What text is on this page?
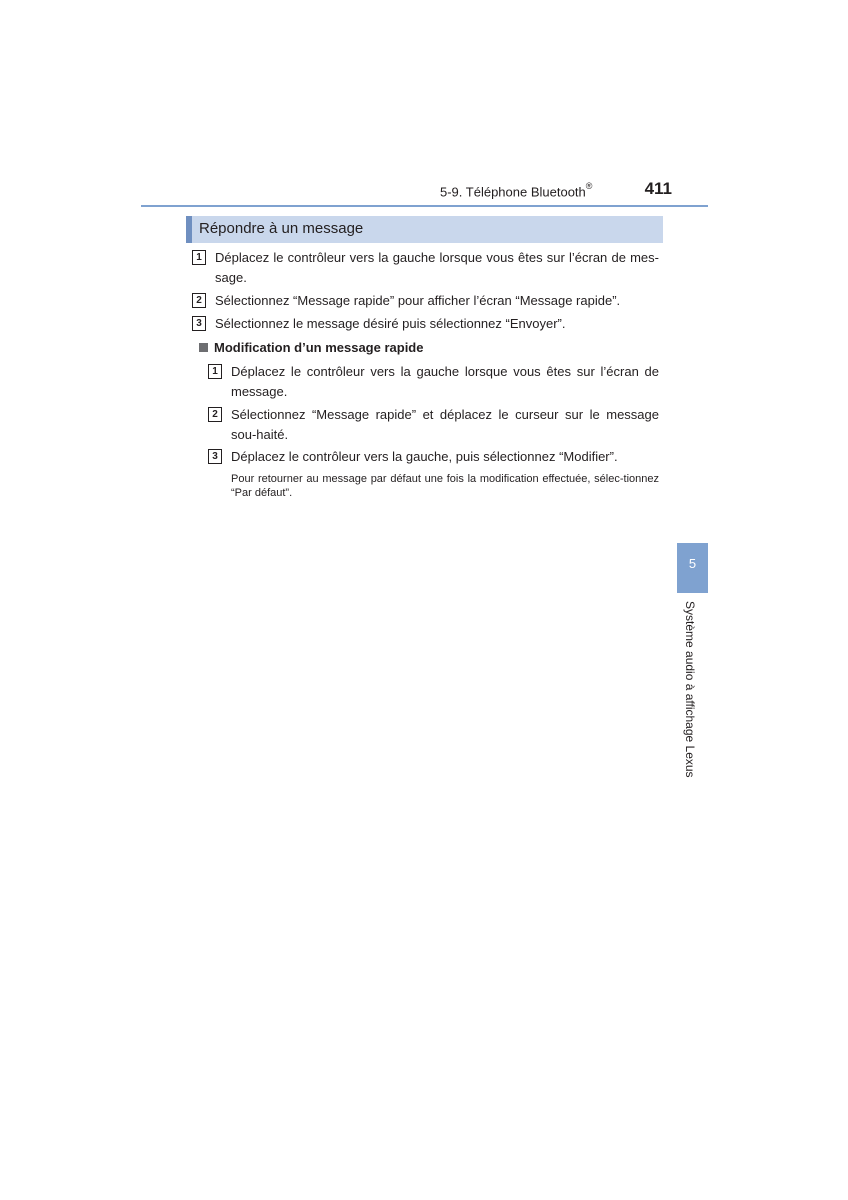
5-9. Téléphone Bluetooth®	411
Répondre à un message
1	Déplacez le contrôleur vers la gauche lorsque vous êtes sur l’écran de mes-sage.
2	Sélectionnez “Message rapide” pour afficher l’écran “Message rapide”.
3	Sélectionnez le message désiré puis sélectionnez “Envoyer”.
Modification d’un message rapide
1	Déplacez le contrôleur vers la gauche lorsque vous êtes sur l’écran de message.
2	Sélectionnez “Message rapide” et déplacez le curseur sur le message sou-haité.
3	Déplacez le contrôleur vers la gauche, puis sélectionnez “Modifier”.
Pour retourner au message par défaut une fois la modification effectuée, sélec-tionnez “Par défaut”.
5
Système audio à affichage Lexus
